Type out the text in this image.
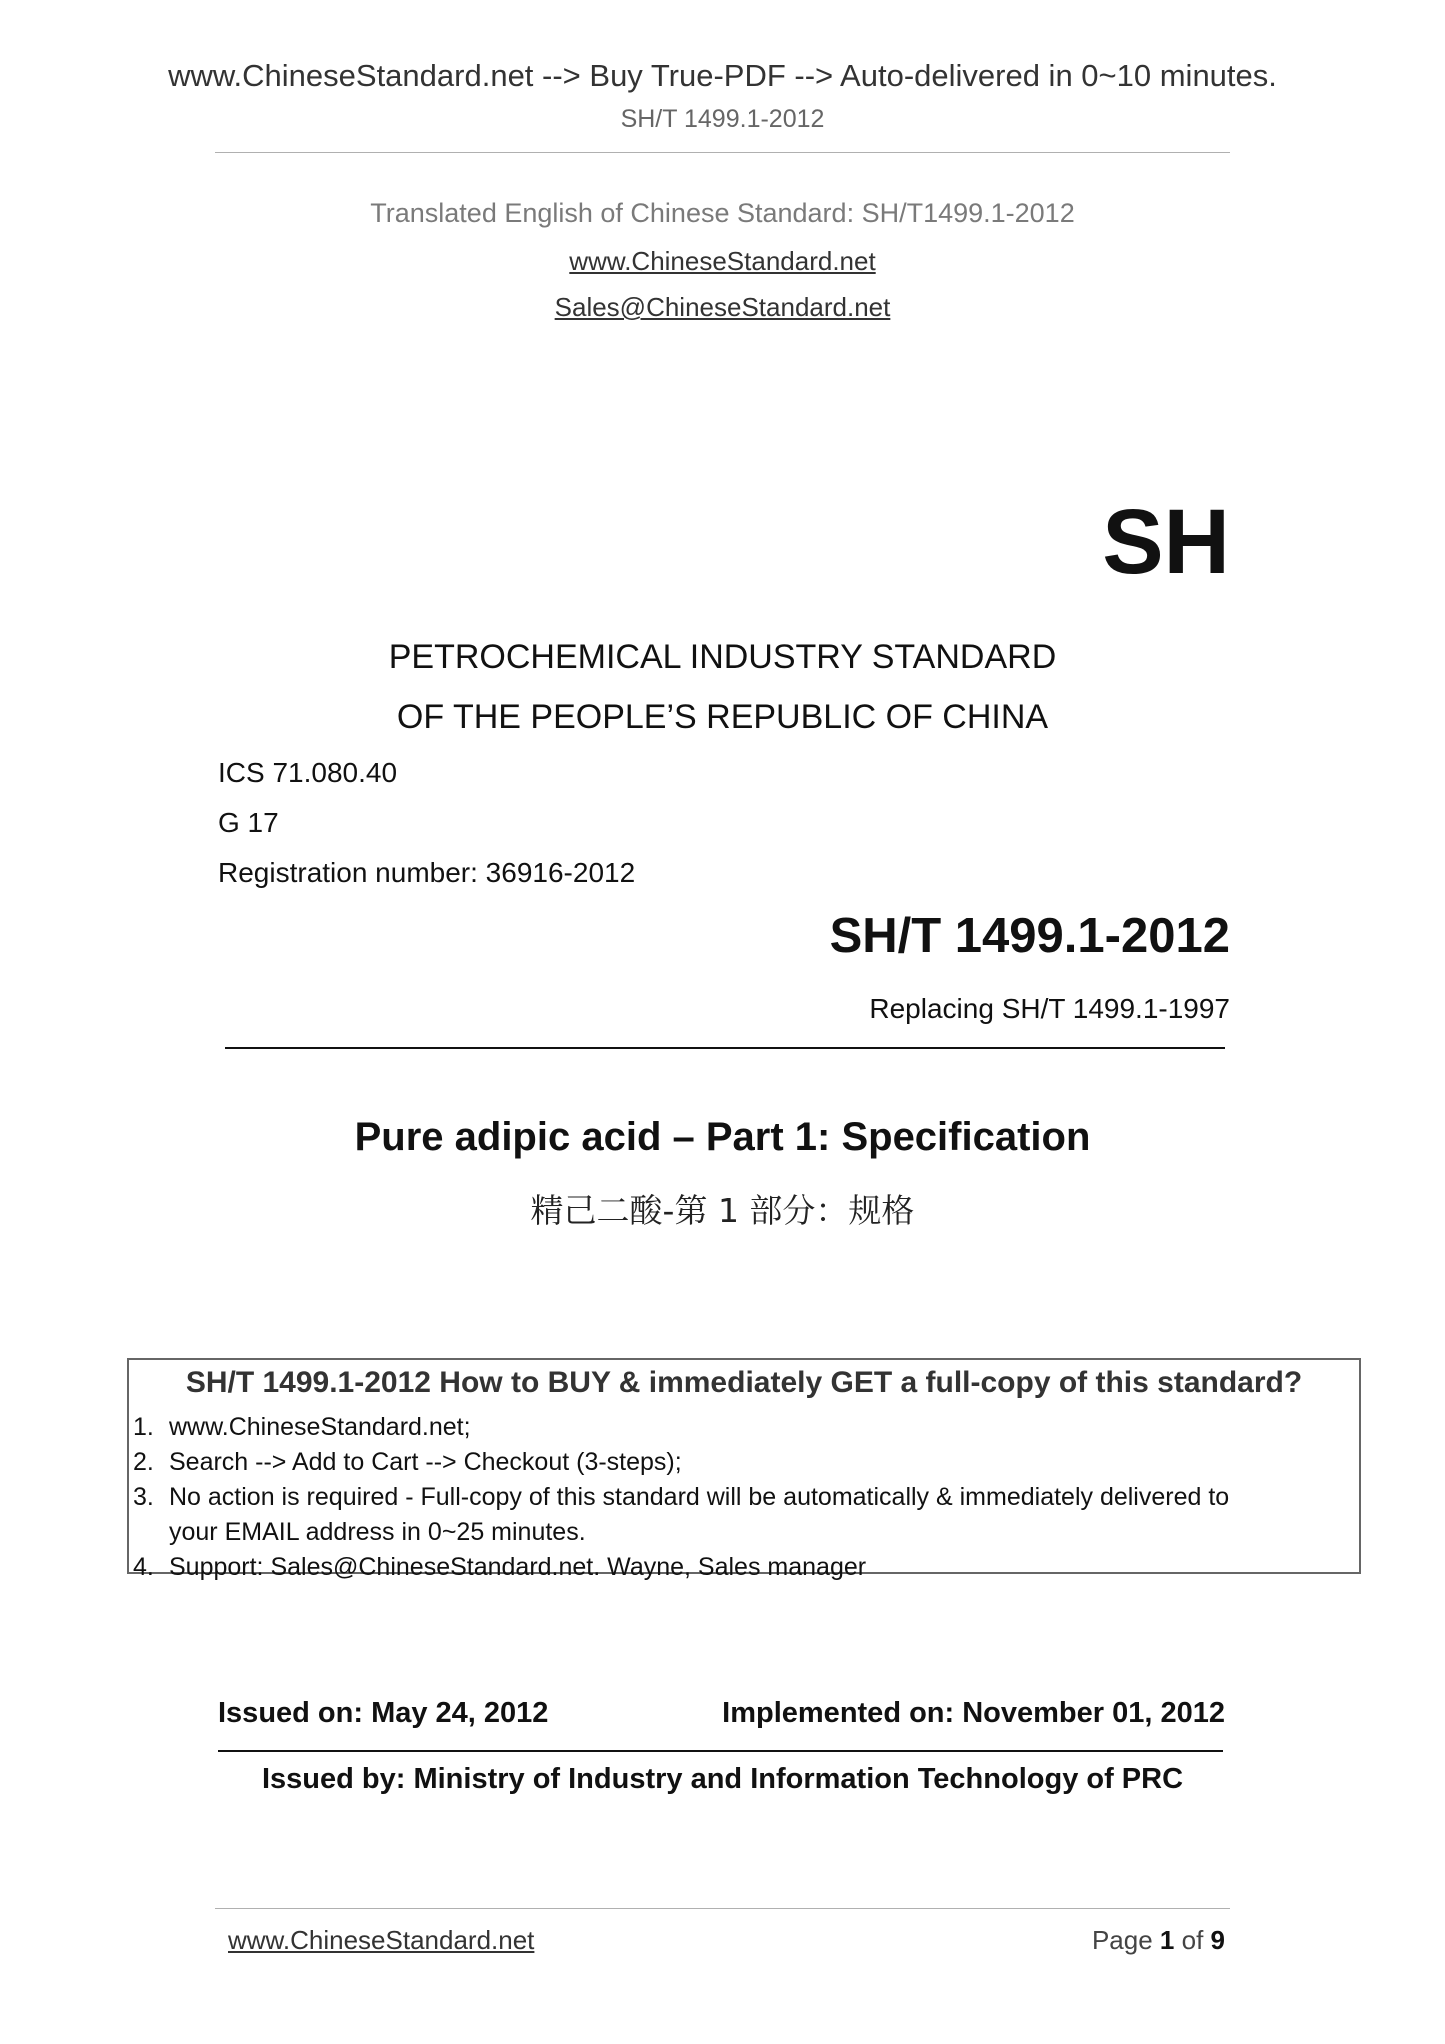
www.ChineseStandard.net --> Buy True-PDF --> Auto-delivered in 0~10 minutes.
SH/T 1499.1-2012
Translated English of Chinese Standard: SH/T1499.1-2012
www.ChineseStandard.net
Sales@ChineseStandard.net
SH
PETROCHEMICAL INDUSTRY STANDARD
OF THE PEOPLE’S REPUBLIC OF CHINA
ICS 71.080.40
G 17
Registration number: 36916-2012
SH/T 1499.1-2012
Replacing SH/T 1499.1-1997
Pure adipic acid – Part 1: Specification
精己二酸-第 1 部分：规格
SH/T 1499.1-2012 How to BUY & immediately GET a full-copy of this standard?
1. www.ChineseStandard.net;
2. Search --> Add to Cart --> Checkout (3-steps);
3. No action is required - Full-copy of this standard will be automatically & immediately delivered to
your EMAIL address in 0~25 minutes.
4. Support: Sales@ChineseStandard.net. Wayne, Sales manager
Issued on: May 24, 2012	Implemented on: November 01, 2012
Issued by: Ministry of Industry and Information Technology of PRC
www.ChineseStandard.net	Page 1 of 9
